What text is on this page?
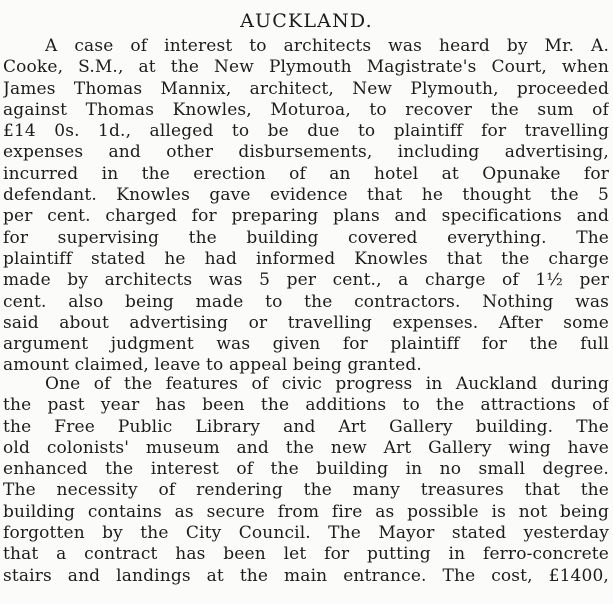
AUCKLAND.
A case of interest to architects was heard by Mr. A.
Cooke, S.M., at the New Plymouth Magistrate's Court, when
James Thomas Mannix, architect, New Plymouth, proceeded
against Thomas Knowles, Moturoa, to recover the sum of
£14 0s. 1d., alleged to be due to plaintiff for travelling
expenses and other disbursements, including advertising,
incurred in the erection of an hotel at Opunake for
defendant. Knowles gave evidence that he thought the 5
per cent. charged for preparing plans and specifications and
for supervising the building covered everything. The
plaintiff stated he had informed Knowles that the charge
made by architects was 5 per cent., a charge of 1½ per
cent. also being made to the contractors. Nothing was
said about advertising or travelling expenses. After some
argument judgment was given for plaintiff for the full
amount claimed, leave to appeal being granted.
One of the features of civic progress in Auckland during
the past year has been the additions to the attractions of
the Free Public Library and Art Gallery building. The
old colonists' museum and the new Art Gallery wing have
enhanced the interest of the building in no small degree.
The necessity of rendering the many treasures that the
building contains as secure from fire as possible is not being
forgotten by the City Council. The Mayor stated yesterday
that a contract has been let for putting in ferro-concrete
stairs and landings at the main entrance. The cost, £1400,
